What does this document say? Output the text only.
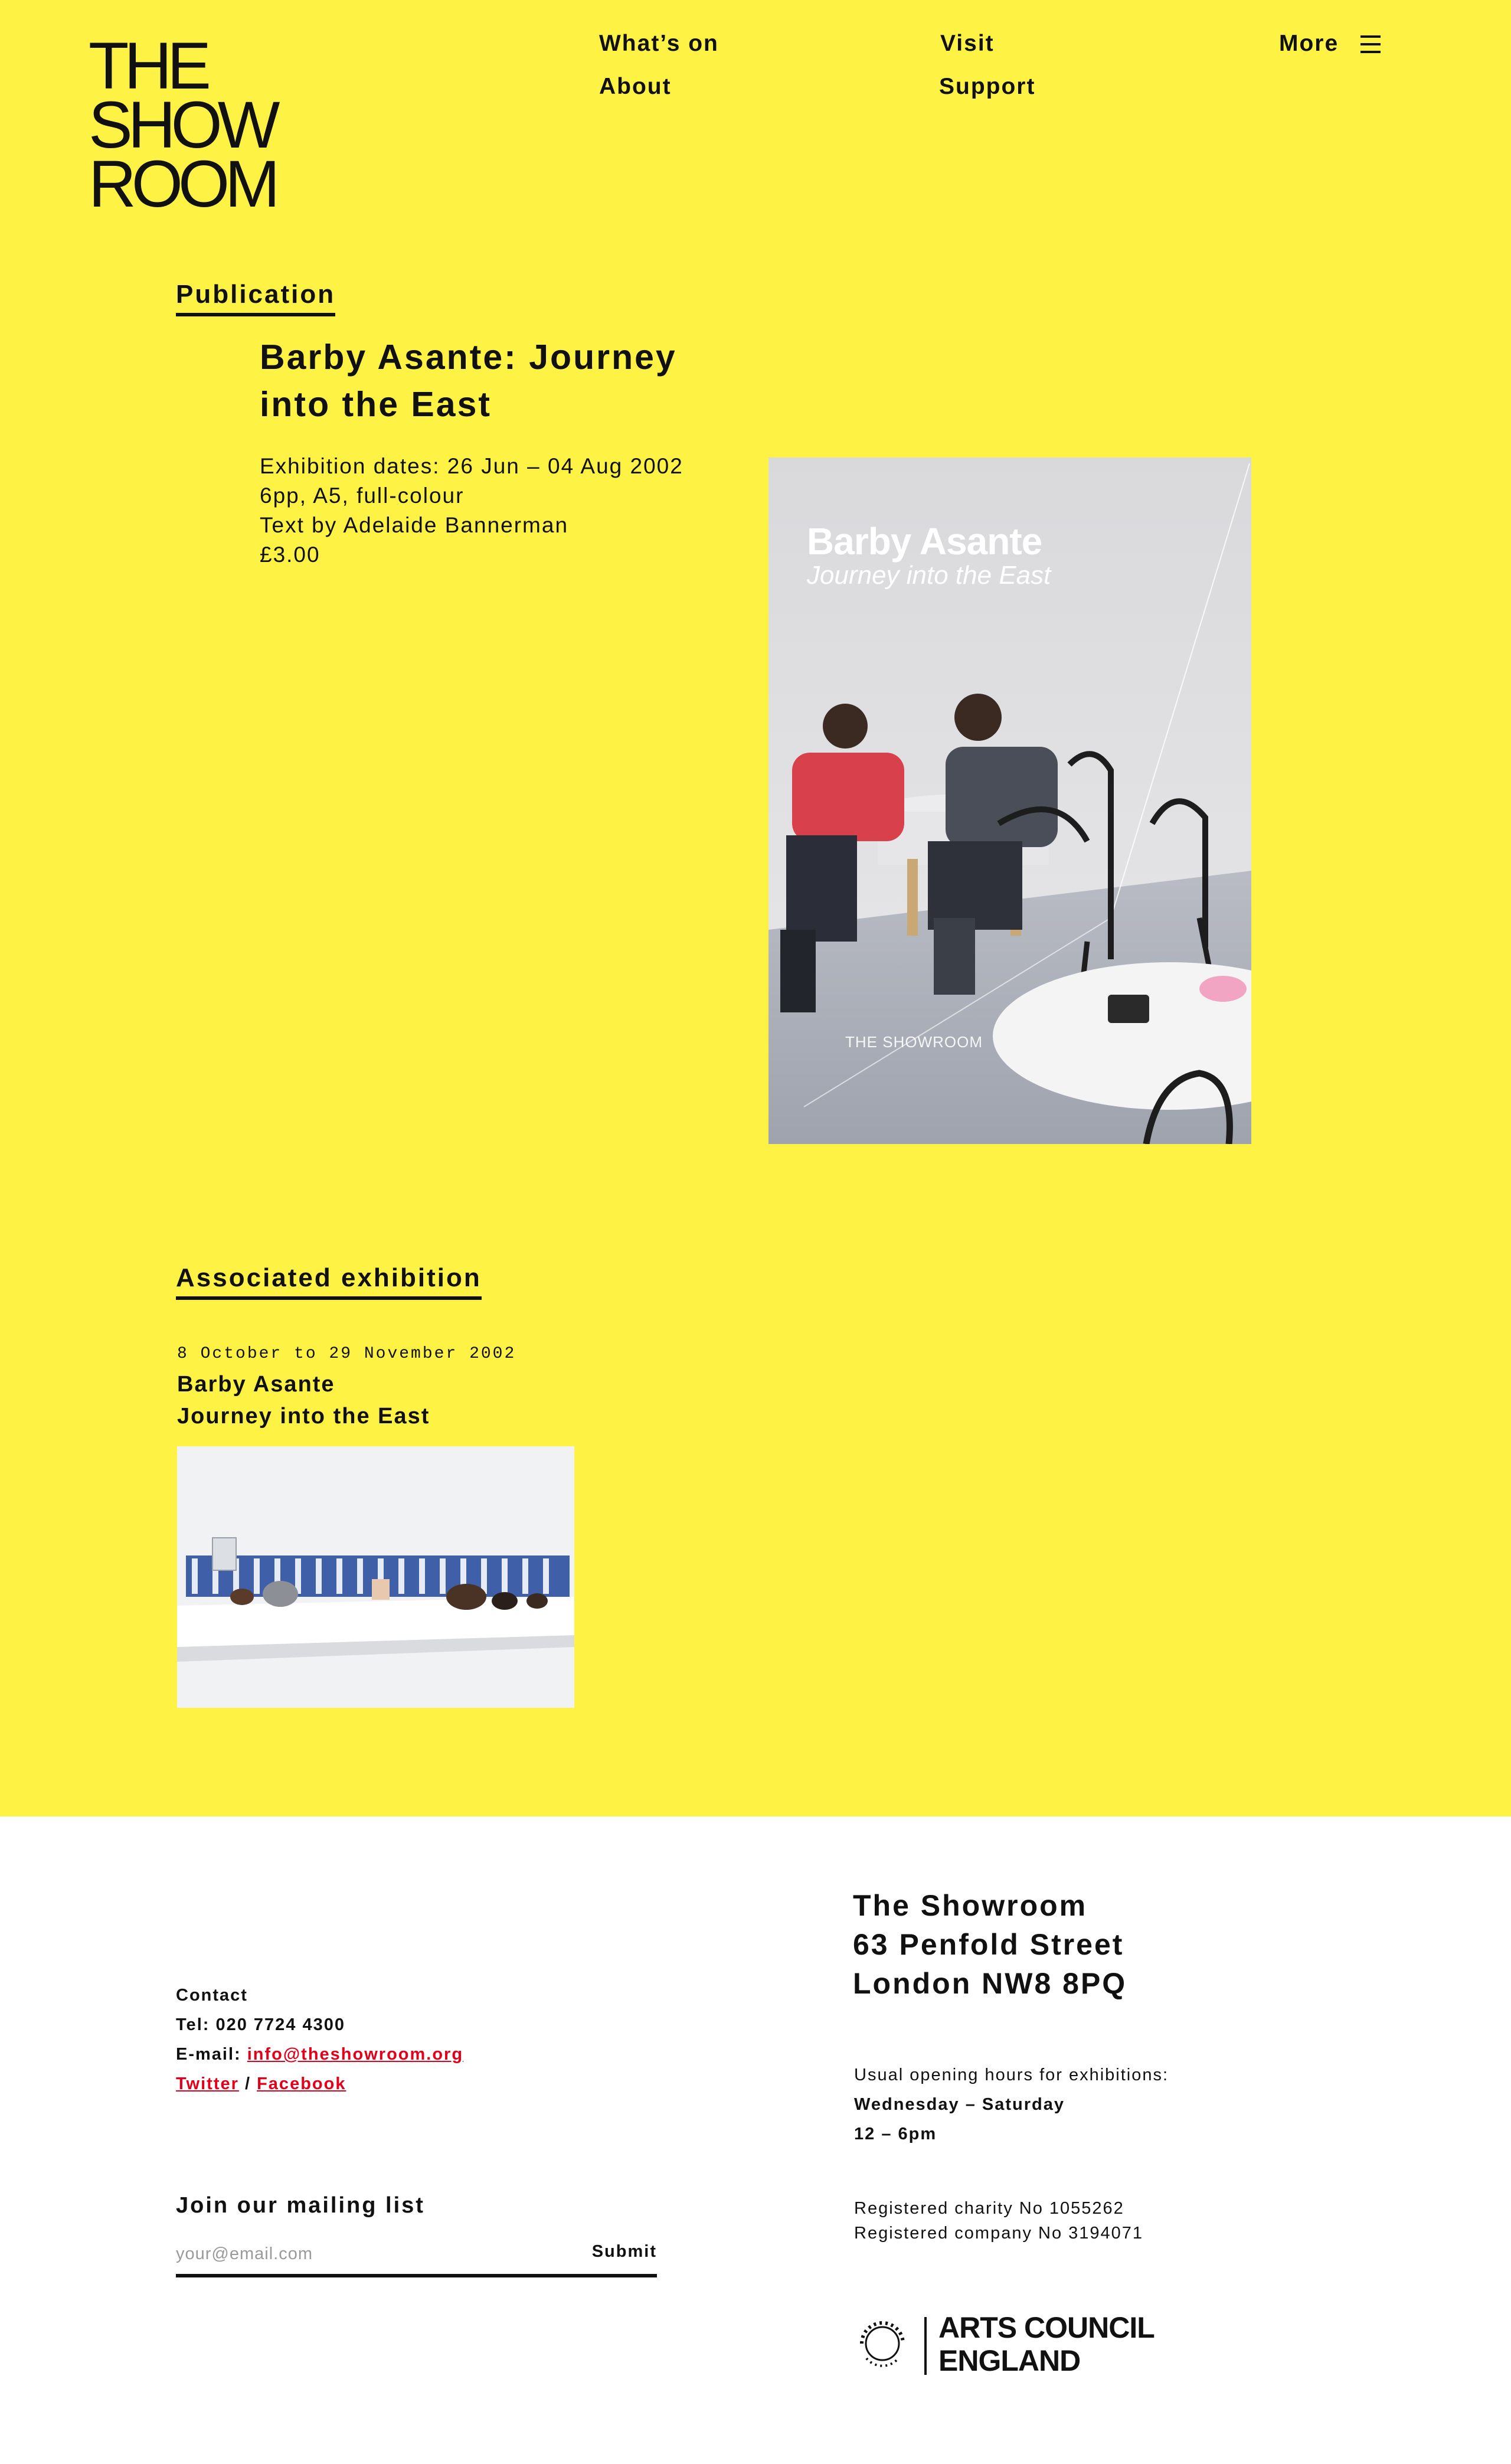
THE
SHOW
ROOM
What’s on	Visit
About	Support
More
Publication
Barby Asante: Journey
into the East
Exhibition dates: 26 Jun – 04 Aug 2002
6pp, A5, full-colour
Text by Adelaide Bannerman
£3.00	Barby Asante
Journey into the East
THE SHOWROOM
Associated exhibition
8 October to 29 November 2002
Barby Asante
Journey into the East
The Showroom
63 Penfold Street
London NW8 8PQ
Contact
Tel: 020 7724 4300
E-mail: info@theshowroom.org
Twitter / Facebook	Usual opening hours for exhibitions:
Wednesday – Saturday
12 – 6pm
Join our mailing list
your@email.com
Submit
Registered charity No 1055262
Registered company No 3194071
ARTS COUNCIL
ENGLAND
